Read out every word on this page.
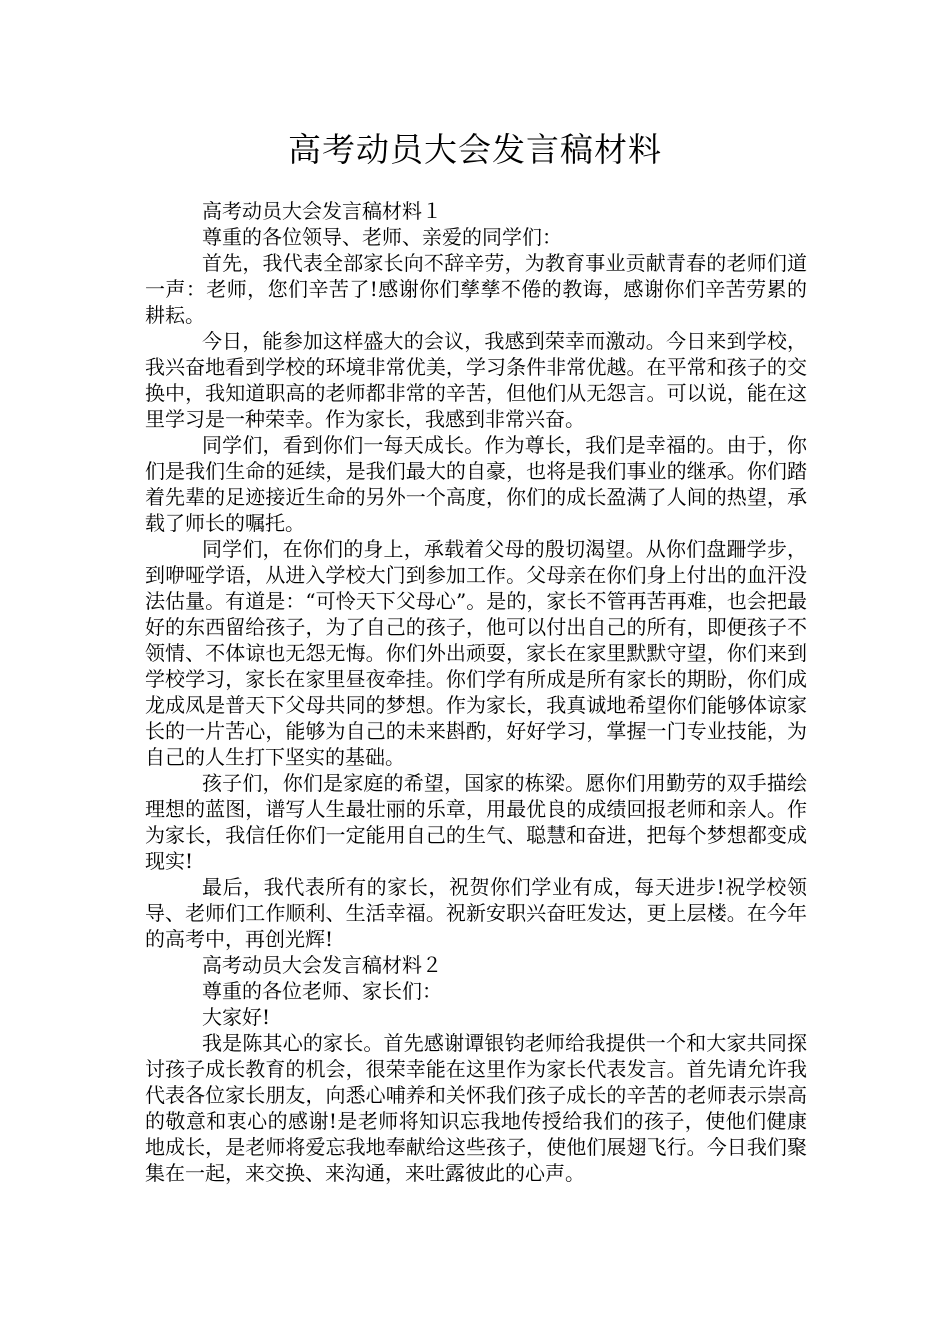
高考动员大会发言稿材料

高考动员大会发言稿材料１

尊重的各位领导、老师、亲爱的同学们：

首先，我代表全部家长向不辞辛劳，为教育事业贡献青春的老师们道一声：老师，您们辛苦了!感谢你们孳孳不倦的教诲，感谢你们辛苦劳累的耕耘。

今日，能参加这样盛大的会议，我感到荣幸而激动。今日来到学校，我兴奋地看到学校的环境非常优美，学习条件非常优越。在平常和孩子的交换中，我知道职高的老师都非常的辛苦，但他们从无怨言。可以说，能在这里学习是一种荣幸。作为家长，我感到非常兴奋。

同学们，看到你们一每天成长。作为尊长，我们是幸福的。由于，你们是我们生命的延续，是我们最大的自豪，也将是我们事业的继承。你们踏着先辈的足迹接近生命的另外一个高度，你们的成长盈满了人间的热望，承载了师长的嘱托。

同学们，在你们的身上，承载着父母的殷切渴望。从你们盘跚学步，到咿哑学语，从进入学校大门到参加工作。父母亲在你们身上付出的血汗没法估量。有道是：“可怜天下父母心”。是的，家长不管再苦再难，也会把最好的东西留给孩子，为了自己的孩子，他可以付出自己的所有，即便孩子不领情、不体谅也无怨无悔。你们外出顽耍，家长在家里默默守望，你们来到学校学习，家长在家里昼夜牵挂。你们学有所成是所有家长的期盼，你们成龙成凤是普天下父母共同的梦想。作为家长，我真诚地希望你们能够体谅家长的一片苦心，能够为自己的未来斟酌，好好学习，掌握一门专业技能，为自己的人生打下坚实的基础。

孩子们，你们是家庭的希望，国家的栋梁。愿你们用勤劳的双手描绘理想的蓝图，谱写人生最壮丽的乐章，用最优良的成绩回报老师和亲人。作为家长，我信任你们一定能用自己的生气、聪慧和奋进，把每个梦想都变成现实!

最后，我代表所有的家长，祝贺你们学业有成，每天进步!祝学校领导、老师们工作顺利、生活幸福。祝新安职兴奋旺发达，更上层楼。在今年的高考中，再创光辉!

高考动员大会发言稿材料２

尊重的各位老师、家长们：

大家好!

我是陈其心的家长。首先感谢谭银钧老师给我提供一个和大家共同探讨孩子成长教育的机会，很荣幸能在这里作为家长代表发言。首先请允许我代表各位家长朋友，向悉心哺养和关怀我们孩子成长的辛苦的老师表示崇高的敬意和衷心的感谢!是老师将知识忘我地传授给我们的孩子，使他们健康地成长，是老师将爱忘我地奉献给这些孩子，使他们展翅飞行。今日我们聚集在一起，来交换、来沟通，来吐露彼此的心声。
